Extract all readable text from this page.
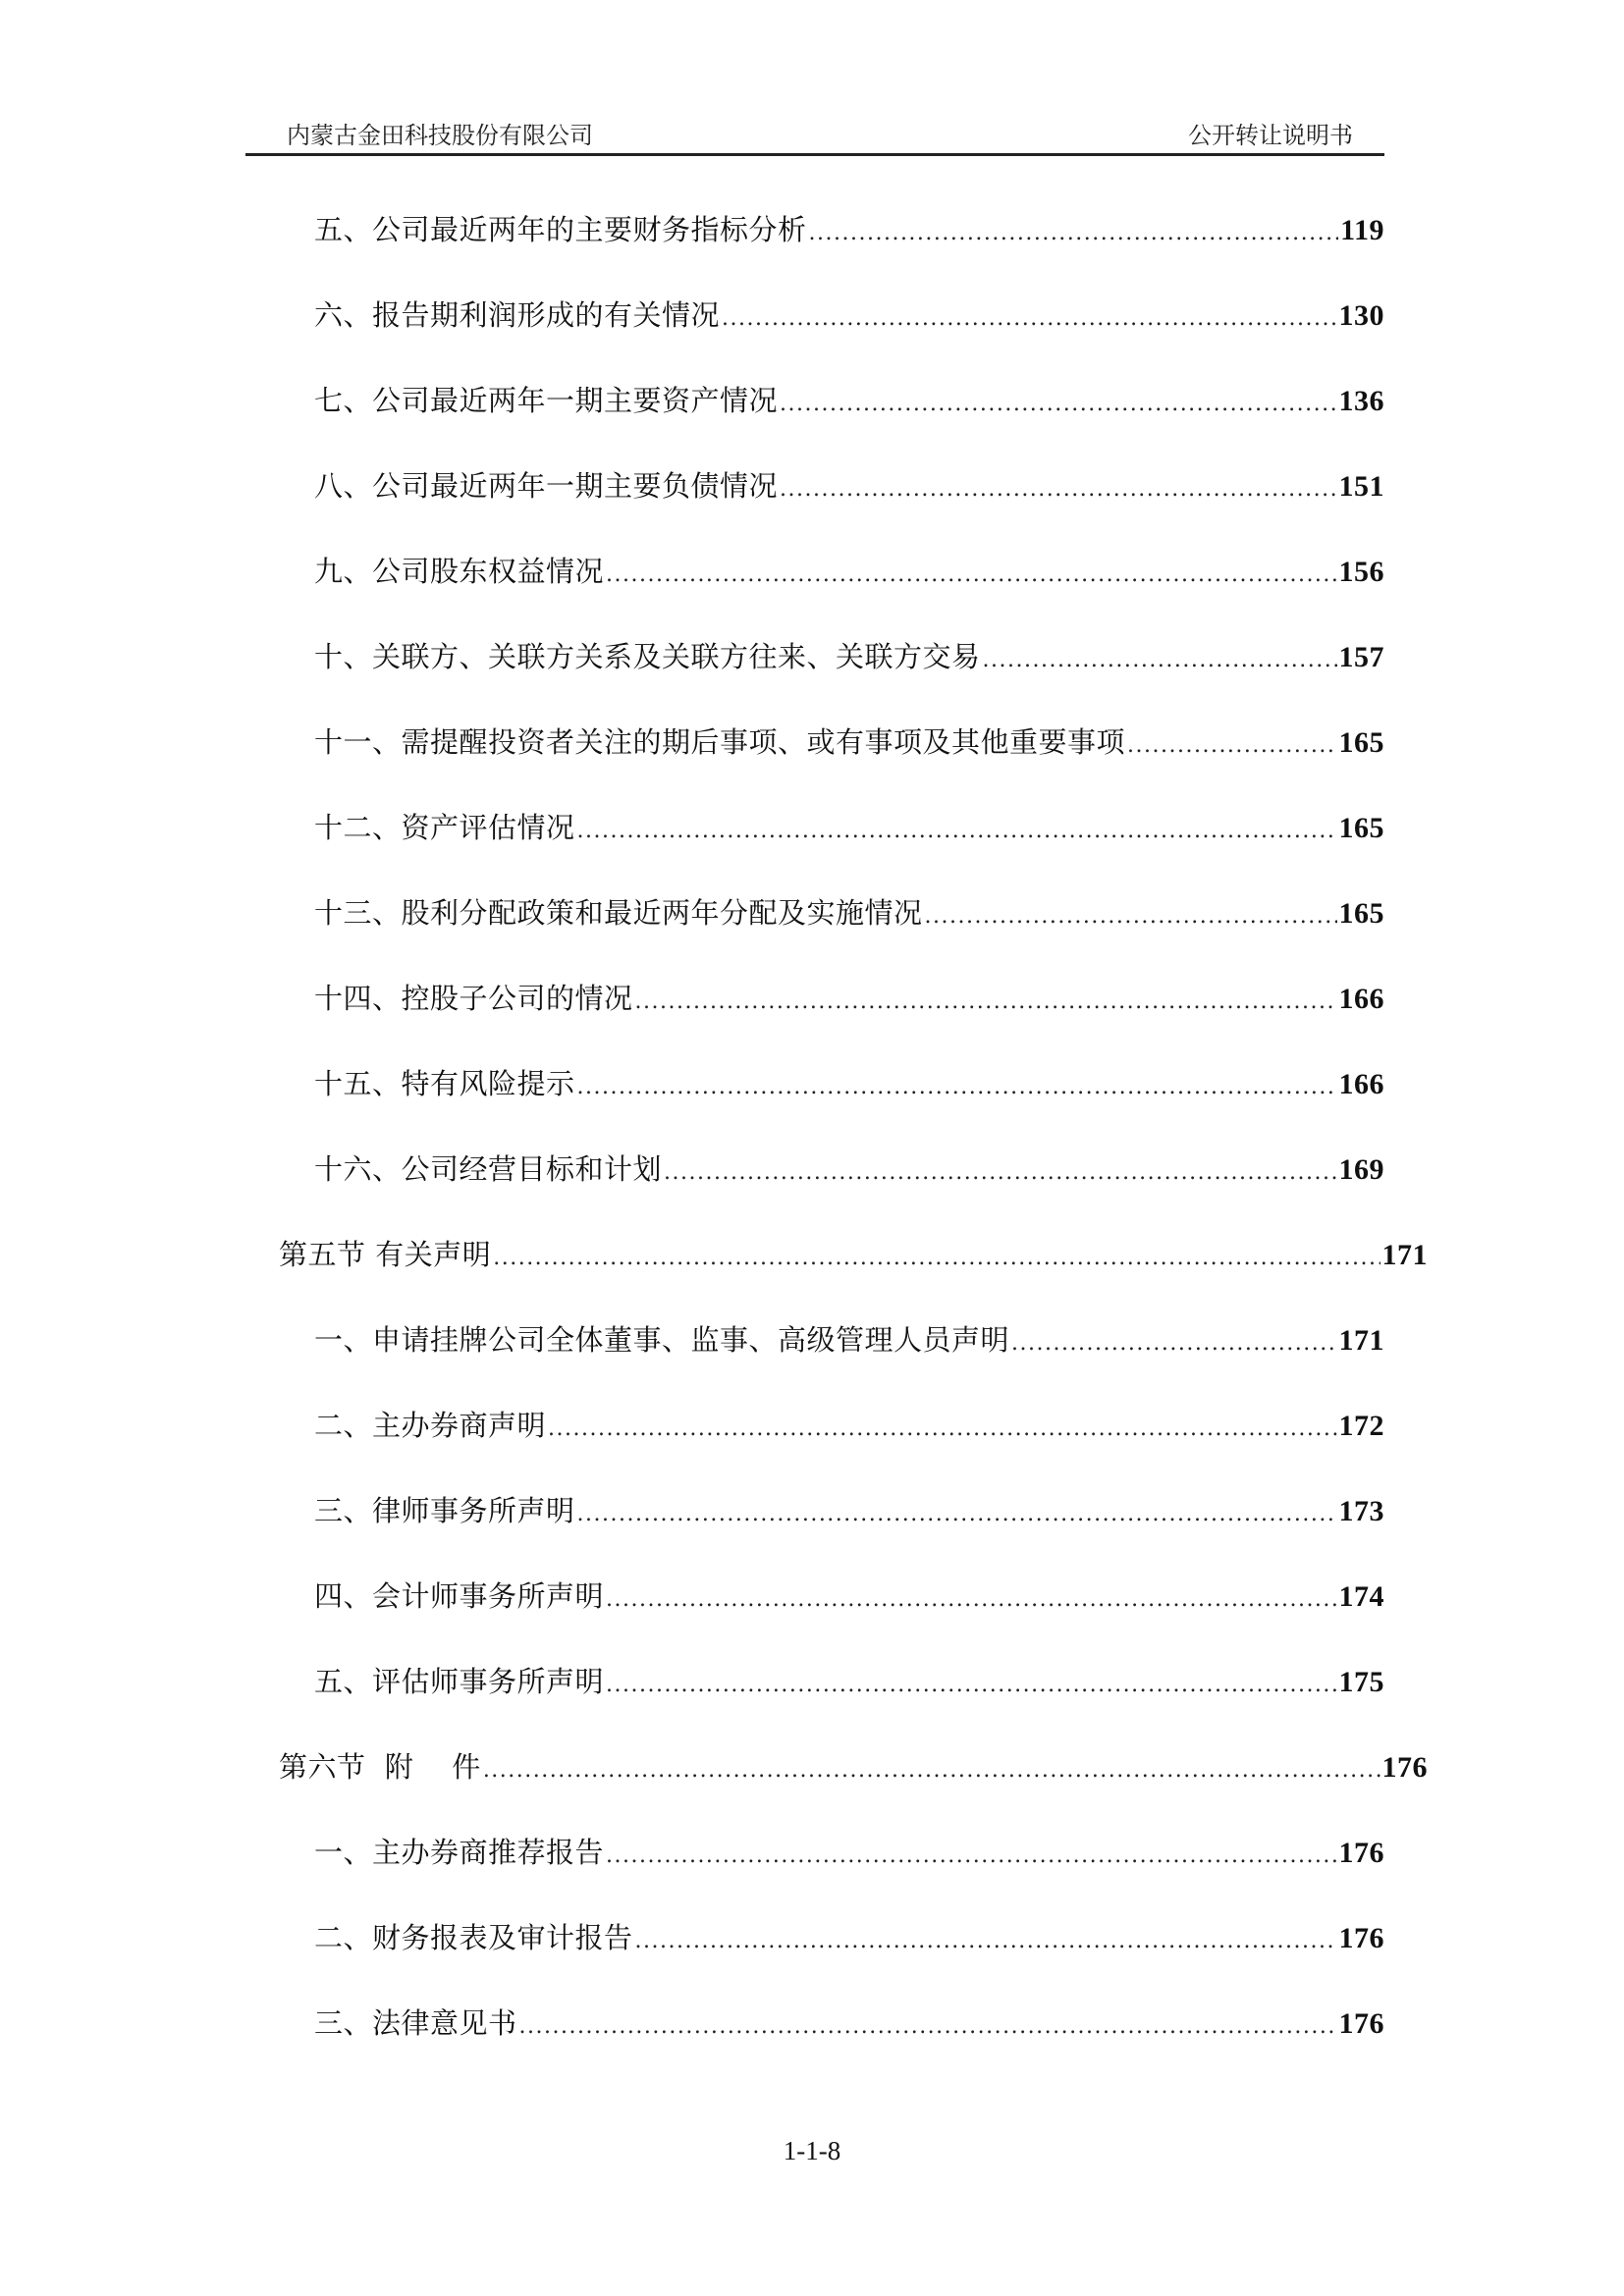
内蒙古金田科技股份有限公司	公开转让说明书
五、公司最近两年的主要财务指标分析 .....	119
六、报告期利润形成的有关情况 .....	130
七、公司最近两年一期主要资产情况 .....	136
八、公司最近两年一期主要负债情况 .....	151
九、公司股东权益情况 .....	156
十、关联方、关联方关系及关联方往来、关联方交易 .....	157
十一、需提醒投资者关注的期后事项、或有事项及其他重要事项 .....	165
十二、资产评估情况 .....	165
十三、股利分配政策和最近两年分配及实施情况 .....	165
十四、控股子公司的情况 .....	166
十五、特有风险提示 .....	166
十六、公司经营目标和计划 .....	169
第五节 有关声明 .....	171
一、申请挂牌公司全体董事、监事、高级管理人员声明 .....	171
二、主办券商声明 .....	172
三、律师事务所声明 .....	173
四、会计师事务所声明 .....	174
五、评估师事务所声明 .....	175
第六节  附    件 .....	176
一、主办券商推荐报告 .....	176
二、财务报表及审计报告 .....	176
三、法律意见书 .....	176
1-1-8
